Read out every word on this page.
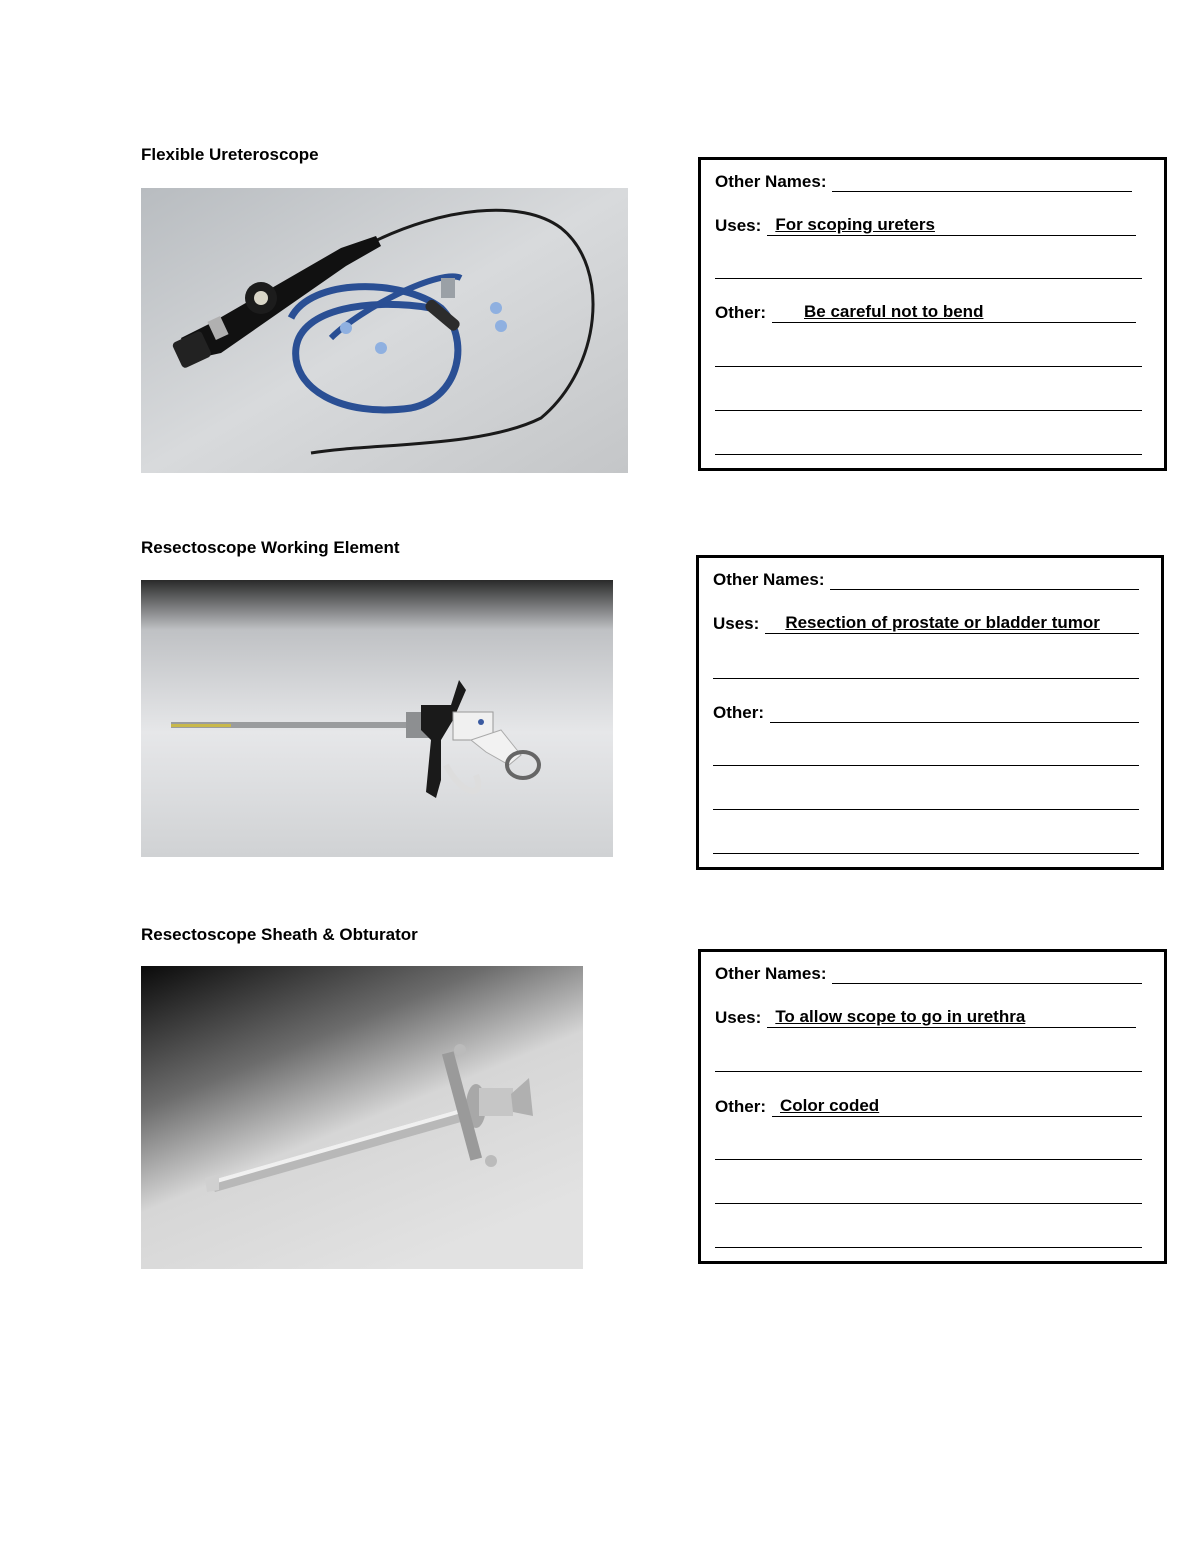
Flexible Ureteroscope
Other Names:
Uses: For scoping ureters
Other: Be careful not to bend
Resectoscope Working Element
Other Names:
Uses: Resection of prostate or bladder tumor
Other:
Resectoscope Sheath & Obturator
Other Names:
Uses: To allow scope to go in urethra
Other: Color coded
